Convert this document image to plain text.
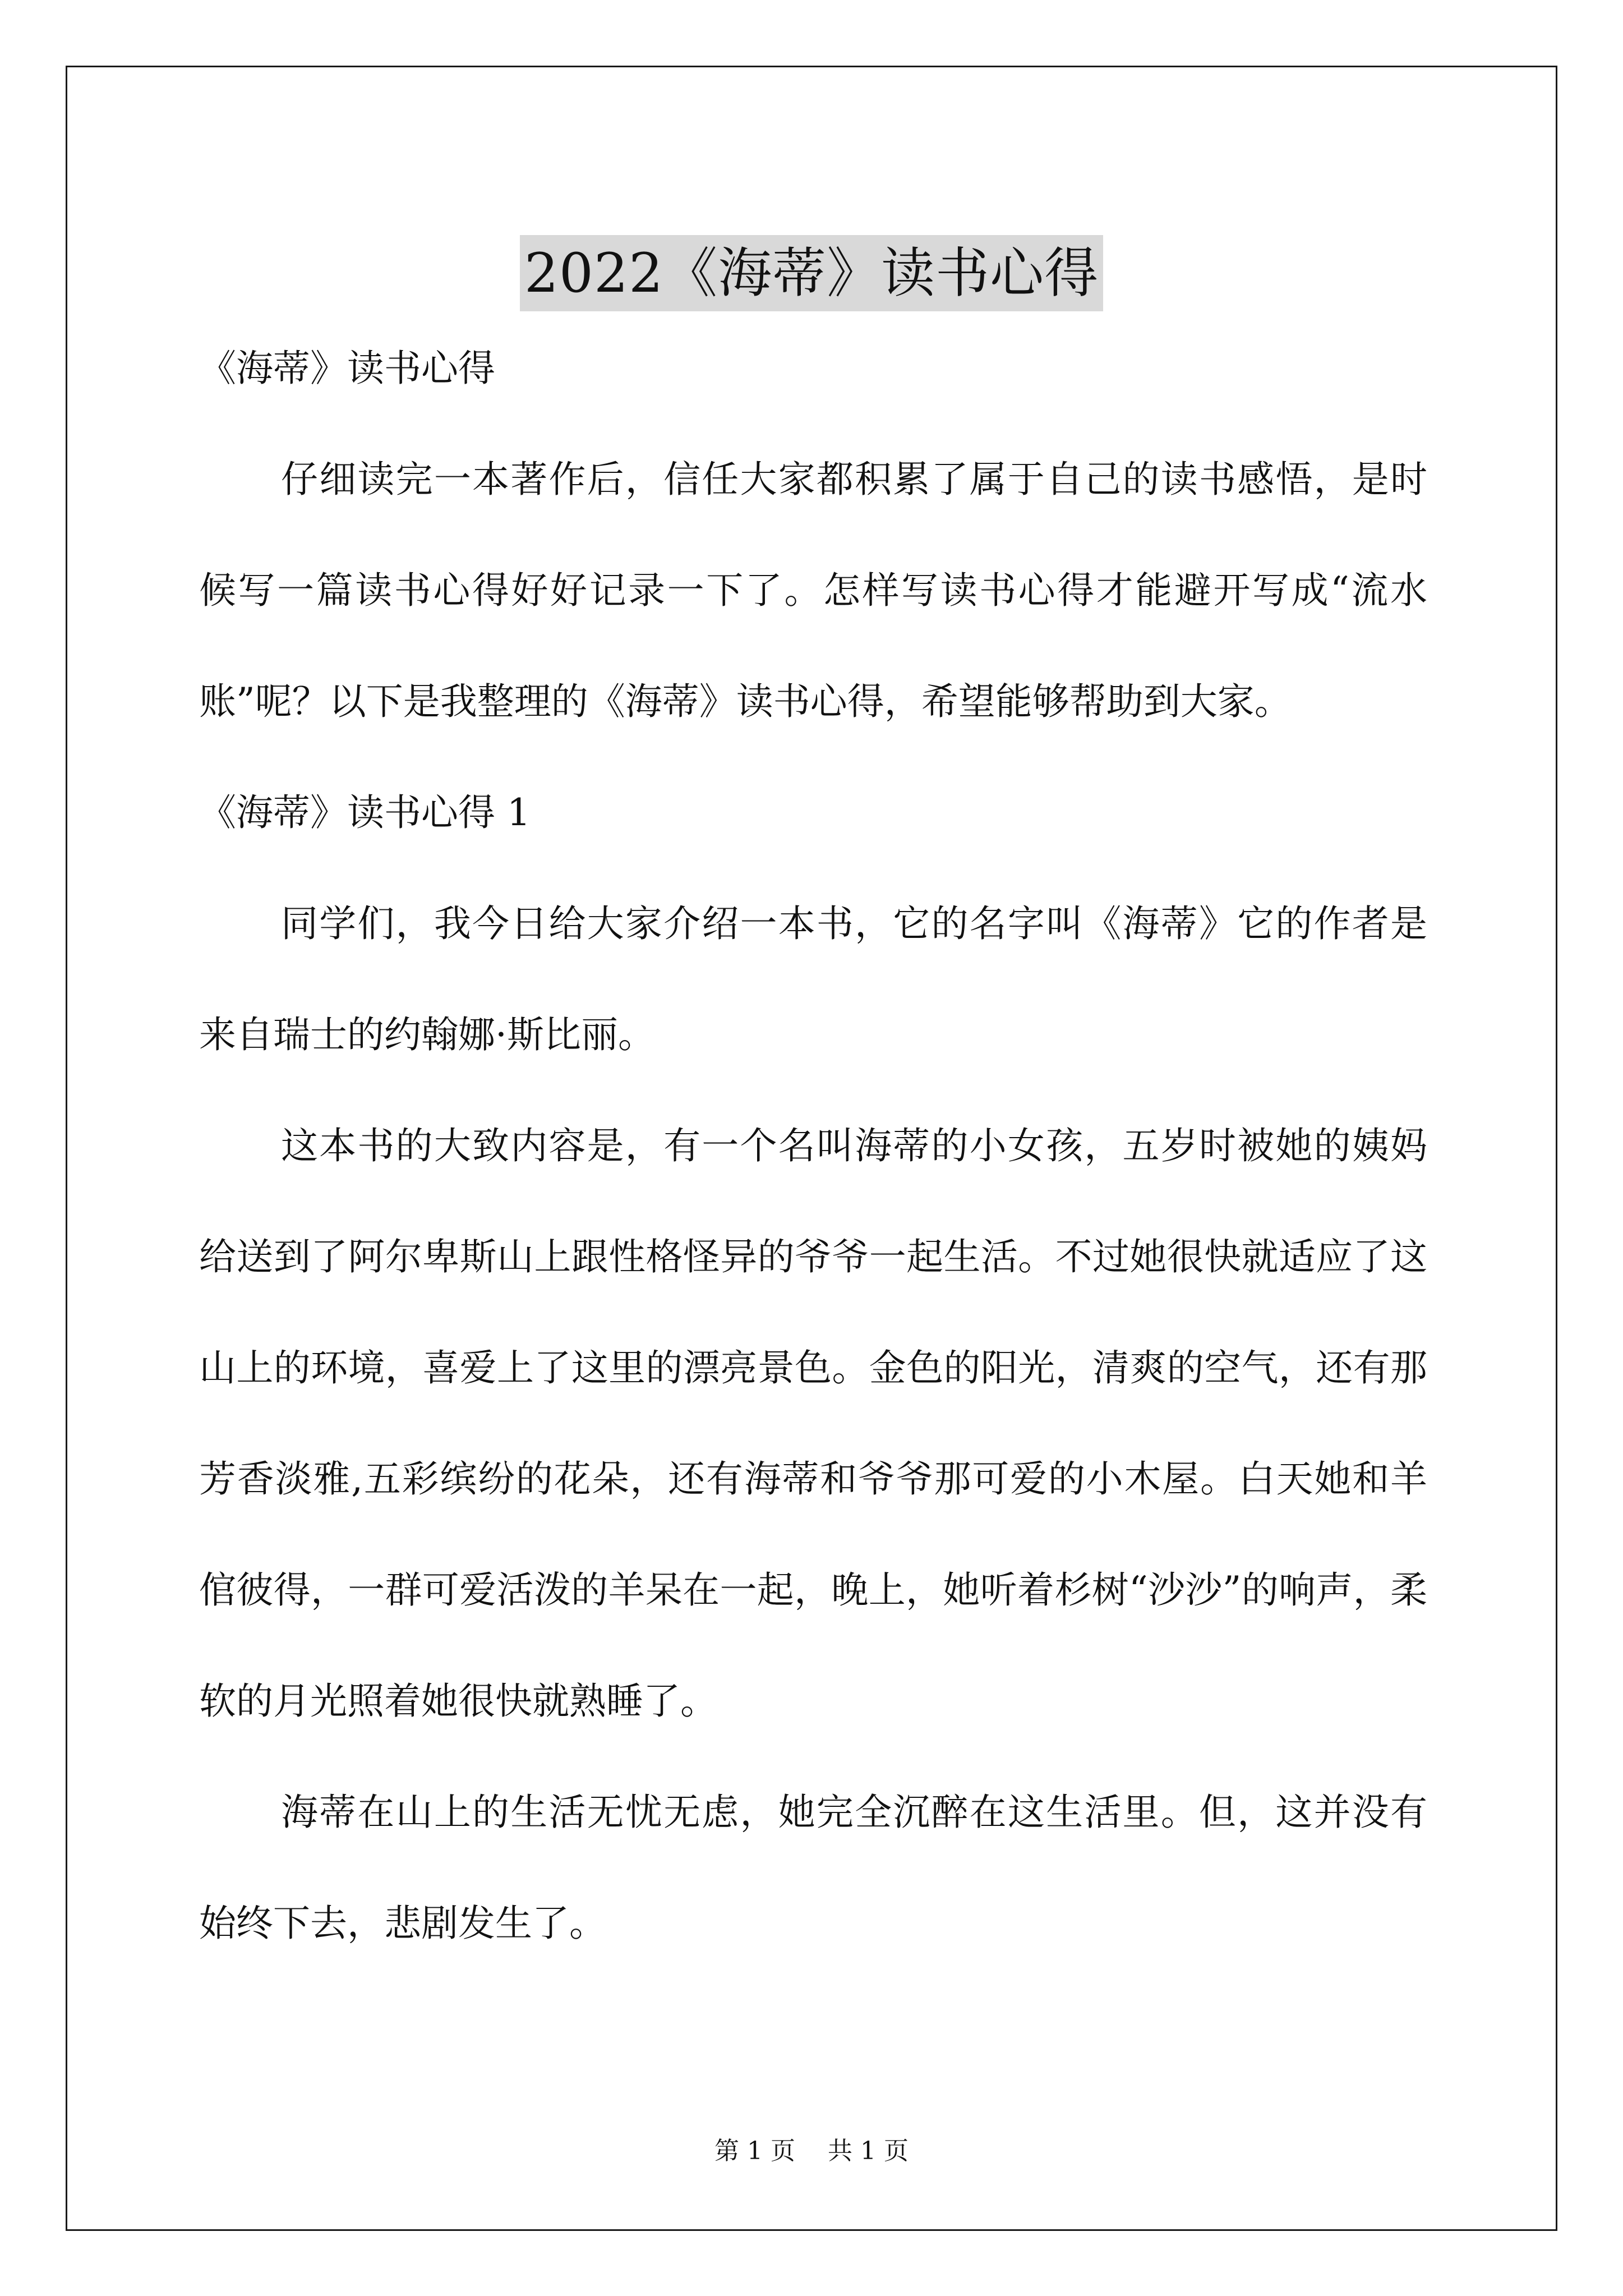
2022《海蒂》读书心得

《海蒂》读书心得

仔细读完一本著作后，信任大家都积累了属于自己的读书感悟，是时候写一篇读书心得好好记录一下了。怎样写读书心得才能避开写成“流水账”呢？以下是我整理的《海蒂》读书心得，希望能够帮助到大家。

《海蒂》读书心得 1

同学们，我今日给大家介绍一本书，它的名字叫《海蒂》它的作者是来自瑞士的约翰娜·斯比丽。

这本书的大致内容是，有一个名叫海蒂的小女孩，五岁时被她的姨妈给送到了阿尔卑斯山上跟性格怪异的爷爷一起生活。不过她很快就适应了这山上的环境，喜爱上了这里的漂亮景色。金色的阳光，清爽的空气，还有那芳香淡雅,五彩缤纷的花朵，还有海蒂和爷爷那可爱的小木屋。白天她和羊倌彼得，一群可爱活泼的羊呆在一起，晚上，她听着杉树“沙沙”的响声，柔软的月光照着她很快就熟睡了。

海蒂在山上的生活无忧无虑，她完全沉醉在这生活里。但，这并没有始终下去，悲剧发生了。

第 1 页　 共 1 页
